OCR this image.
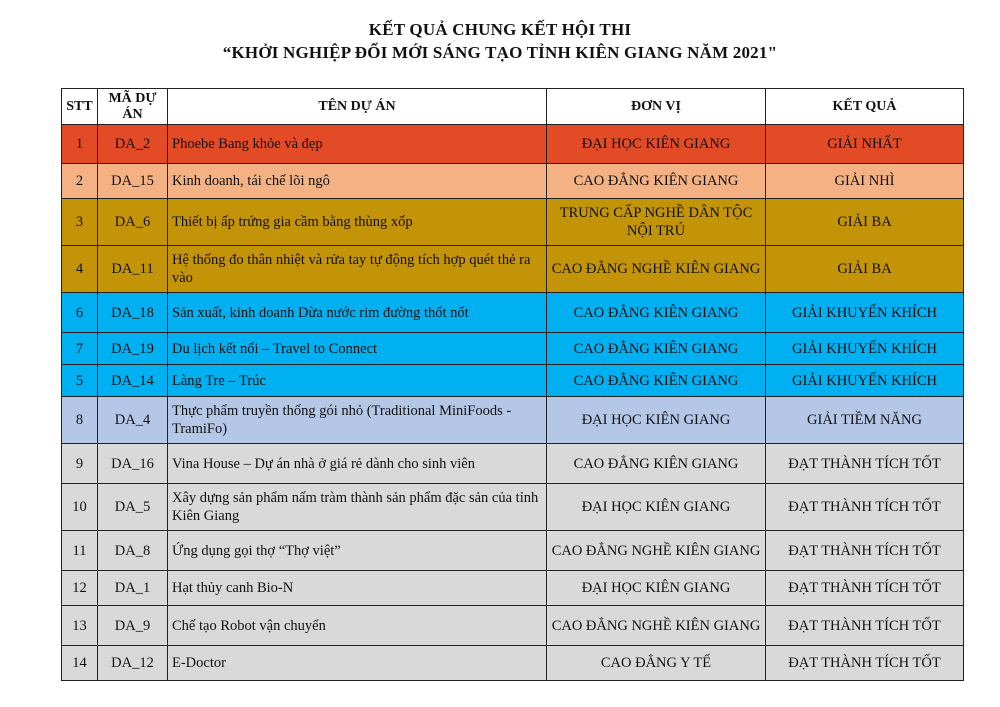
KẾT QUẢ CHUNG KẾT HỘI THI
“KHỞI NGHIỆP ĐỔI MỚI SÁNG TẠO TỈNH KIÊN GIANG NĂM 2021"
STT	MÃ DỰ ÁN	TÊN DỰ ÁN	ĐƠN VỊ	KẾT QUẢ
1	DA_2	Phoebe Bang khỏe và đẹp	ĐẠI HỌC KIÊN GIANG	GIẢI NHẤT
2	DA_15	Kinh doanh, tái chế lõi ngô	CAO ĐẲNG KIÊN GIANG	GIẢI NHÌ
3	DA_6	Thiết bị ấp trứng gia cầm bằng thùng xốp	TRUNG CẤP NGHỀ DÂN TỘC NỘI TRÚ	GIẢI BA
4	DA_11	Hệ thống đo thân nhiệt và rửa tay tự động tích hợp quét thẻ ra vào	CAO ĐẲNG NGHỀ KIÊN GIANG	GIẢI BA
6	DA_18	Sản xuất, kinh doanh Dừa nước rim đường thốt nốt	CAO ĐẲNG KIÊN GIANG	GIẢI KHUYẾN KHÍCH
7	DA_19	Du lịch kết nối – Travel to Connect	CAO ĐẲNG KIÊN GIANG	GIẢI KHUYẾN KHÍCH
5	DA_14	Làng Tre – Trúc	CAO ĐẲNG KIÊN GIANG	GIẢI KHUYẾN KHÍCH
8	DA_4	Thực phẩm truyền thống gói nhỏ (Traditional MiniFoods - TramiFo)	ĐẠI HỌC KIÊN GIANG	GIẢI TIỀM NĂNG
9	DA_16	Vina House – Dự án nhà ở giá rẻ dành cho sinh viên	CAO ĐẲNG KIÊN GIANG	ĐẠT THÀNH TÍCH TỐT
10	DA_5	Xây dựng sản phẩm nấm tràm thành sản phẩm đặc sản của tỉnh Kiên Giang	ĐẠI HỌC KIÊN GIANG	ĐẠT THÀNH TÍCH TỐT
11	DA_8	Ứng dụng gọi thợ “Thợ việt”	CAO ĐẲNG NGHỀ KIÊN GIANG	ĐẠT THÀNH TÍCH TỐT
12	DA_1	Hạt thủy canh Bio-N	ĐẠI HỌC KIÊN GIANG	ĐẠT THÀNH TÍCH TỐT
13	DA_9	Chế tạo Robot vận chuyển	CAO ĐẲNG NGHỀ KIÊN GIANG	ĐẠT THÀNH TÍCH TỐT
14	DA_12	E-Doctor	CAO ĐẲNG Y TẾ	ĐẠT THÀNH TÍCH TỐT
